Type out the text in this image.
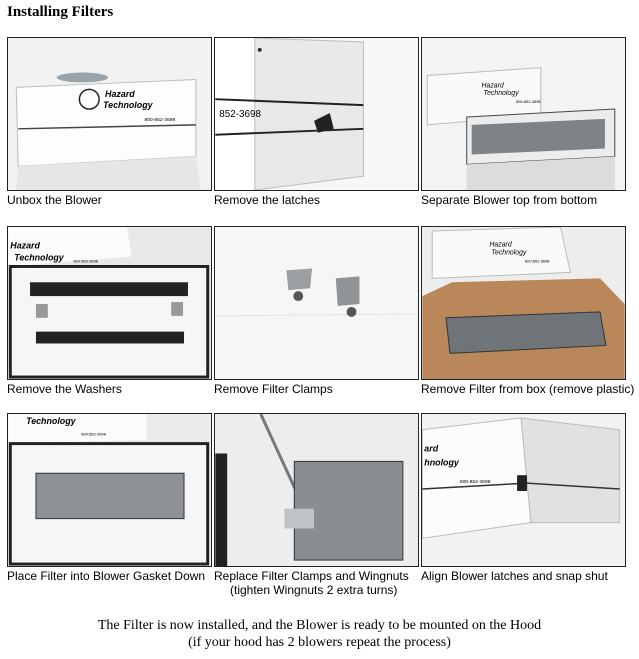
Installing Filters
Hazard
Technology
800-852-3698
Unbox the Blower
852-3698
Remove the latches
Hazard
Technology
800-852-3698
Separate Blower top from bottom
Hazard
Technology 800-852-3698
Remove the Washers	Remove Filter Clamps
Hazard
Technology
800-852-3698
Remove Filter from box (remove plastic)
Technology
800-852-3698
Place Filter into Blower Gasket Down Replace Filter Clamps and Wingnuts
(tighten Wingnuts 2 extra turns)
ard
hnology
800-852-3698
Align Blower latches and snap shut
The Filter is now installed, and the Blower is ready to be mounted on the Hood
(if your hood has 2 blowers repeat the process)
